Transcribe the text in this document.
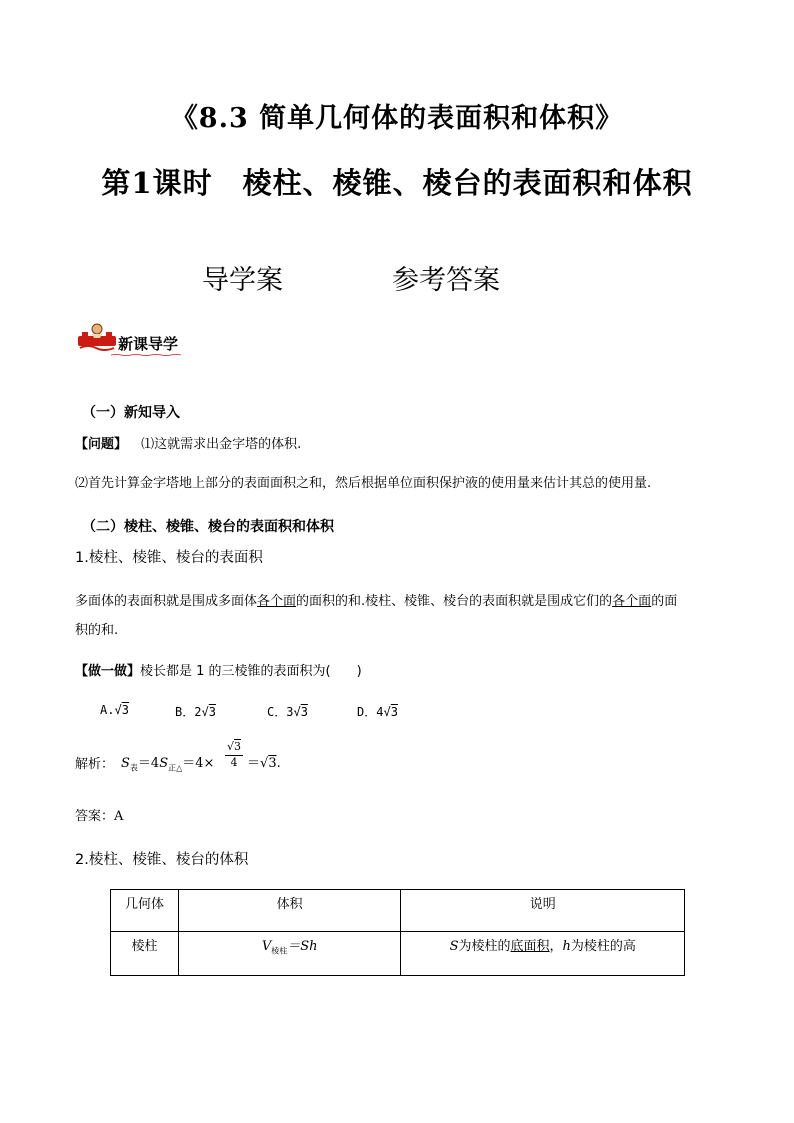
《8.3 简单几何体的表面积和体积》
第1课时　棱柱、棱锥、棱台的表面积和体积
导学案	参考答案
新课导学
（一）新知导入
【问题】 ⑴这就需求出金字塔的体积.
⑵首先计算金字塔地上部分的表面面积之和，然后根据单位面积保护液的使用量来估计其总的使用量.
（二）棱柱、棱锥、棱台的表面积和体积
1.棱柱、棱锥、棱台的表面积
多面体的表面积就是围成多面体各个面的面积的和.棱柱、棱锥、棱台的表面积就是围成它们的各个面的面
积的和.
【做一做】棱长都是 1 的三棱锥的表面积为(　　)
A.√3	B．2√3	C．3√3	D．4√3
解析： $S_表=4S_{正\triangle}=4\times$
√3
4 ＝√3.
答案：A
2.棱柱、棱锥、棱台的体积
几何体	体积	说明
棱柱	$V_{棱柱}=Sh$	S为棱柱的底面积，h为棱柱的高
